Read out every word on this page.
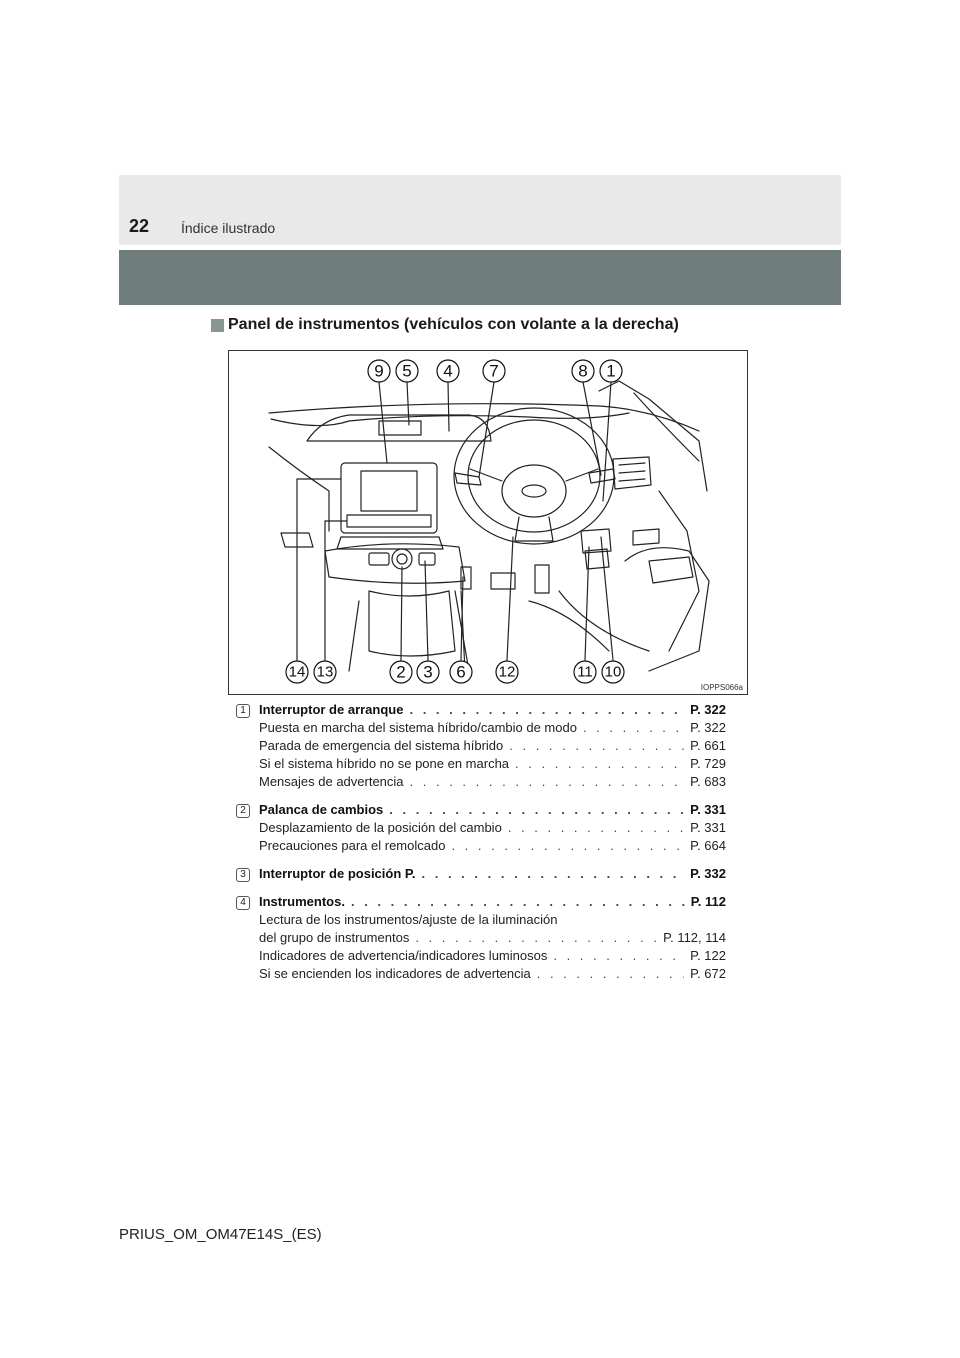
22 Índice ilustrado
Panel de instrumentos (vehículos con volante a la derecha)
9 5 4 7	8 1
14 13	2 3 6 12	11 10
IOPPS066a
1	Interruptor de arranque . . .	P. 322
Puesta en marcha del sistema híbrido/cambio de modo . . .	P. 322
Parada de emergencia del sistema híbrido . . .	P. 661
Si el sistema híbrido no se pone en marcha . . .	P. 729
Mensajes de advertencia . . .	P. 683
2	Palanca de cambios . . .	P. 331
Desplazamiento de la posición del cambio . . .	P. 331
Precauciones para el remolcado . . .	P. 664
3	Interruptor de posición P. . . .	P. 332
4	Instrumentos. . . .	P. 112
Lectura de los instrumentos/ajuste de la iluminación
del grupo de instrumentos . . .	P. 112, 114
Indicadores de advertencia/indicadores luminosos . . .	P. 122
Si se encienden los indicadores de advertencia . . .	P. 672
PRIUS_OM_OM47E14S_(ES)
